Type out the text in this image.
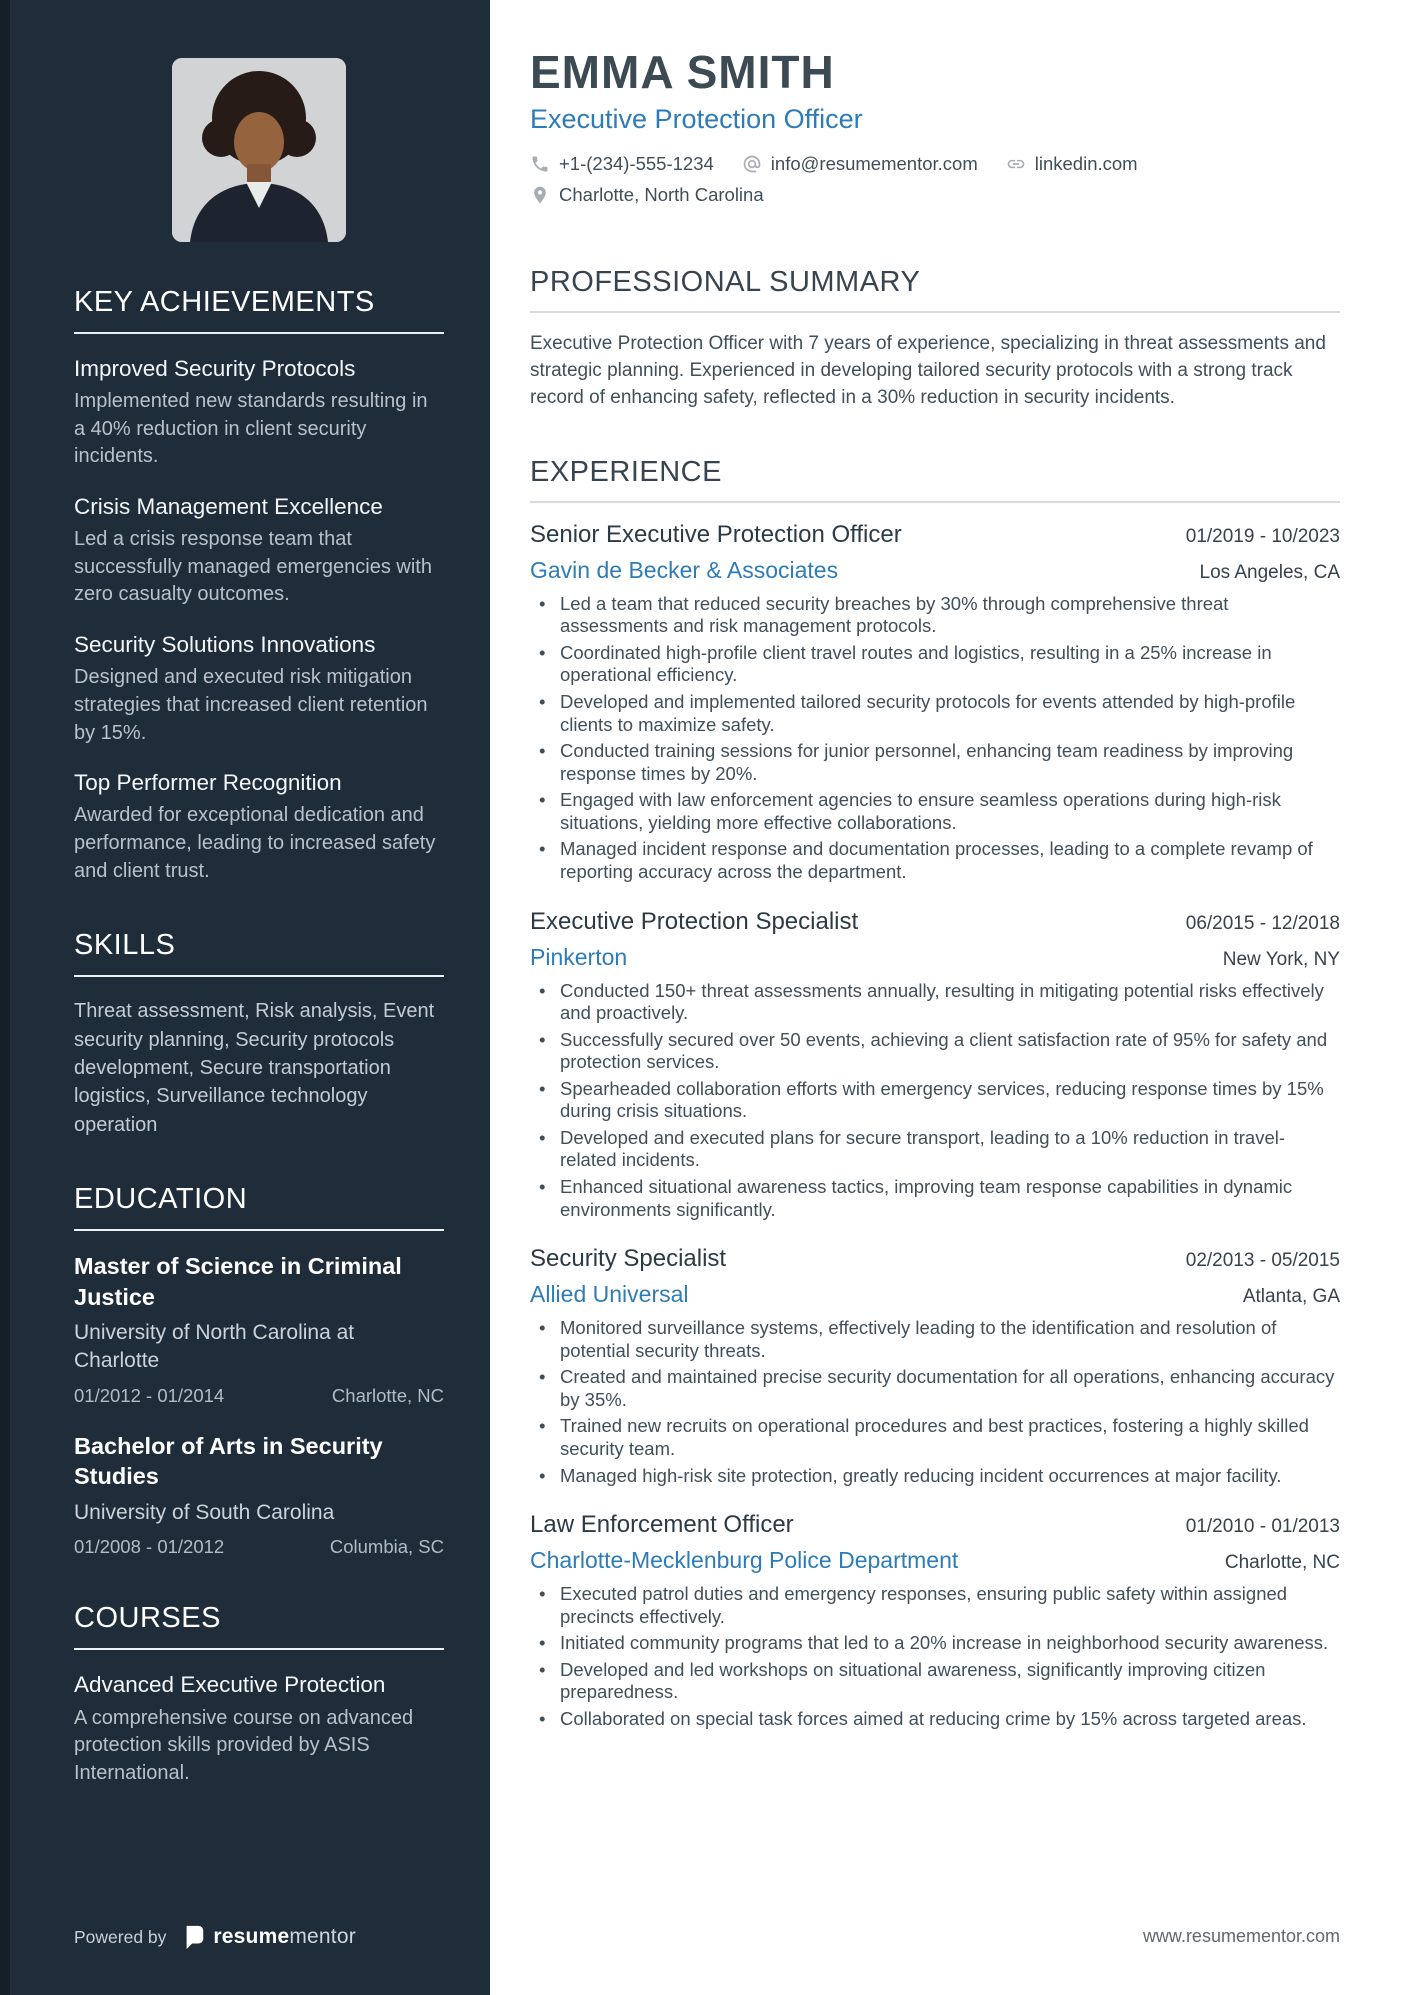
KEY ACHIEVEMENTS
Improved Security Protocols

Implemented new standards resulting in a 40% reduction in client security incidents.

Crisis Management Excellence

Led a crisis response team that successfully managed emergencies with zero casualty outcomes.

Security Solutions Innovations

Designed and executed risk mitigation strategies that increased client retention by 15%.

Top Performer Recognition

Awarded for exceptional dedication and performance, leading to increased safety and client trust.

SKILLS

Threat assessment, Risk analysis, Event security planning, Security protocols development, Secure transportation logistics, Surveillance technology operation

EDUCATION
Master of Science in Criminal Justice

University of North Carolina at Charlotte

01/2012 - 01/2014	Charlotte, NC
Bachelor of Arts in Security Studies

University of South Carolina

01/2008 - 01/2012	Columbia, SC
COURSES
Advanced Executive Protection

A comprehensive course on advanced protection skills provided by ASIS International.

Powered by resumementor
EMMA SMITH
Executive Protection Officer
+1-(234)-555-1234	info@resumementor.com	linkedin.com
Charlotte, North Carolina
PROFESSIONAL SUMMARY

Executive Protection Officer with 7 years of experience, specializing in threat assessments and strategic planning. Experienced in developing tailored security protocols with a strong track record of enhancing safety, reflected in a 30% reduction in security incidents.

EXPERIENCE
Senior Executive Protection Officer	01/2019 - 10/2023
Gavin de Becker & Associates	Los Angeles, CA
• Led a team that reduced security breaches by 30% through comprehensive threat assessments and risk management protocols.
• Coordinated high-profile client travel routes and logistics, resulting in a 25% increase in operational efficiency.
• Developed and implemented tailored security protocols for events attended by high-profile clients to maximize safety.
• Conducted training sessions for junior personnel, enhancing team readiness by improving response times by 20%.
• Engaged with law enforcement agencies to ensure seamless operations during high-risk situations, yielding more effective collaborations.
• Managed incident response and documentation processes, leading to a complete revamp of reporting accuracy across the department.
Executive Protection Specialist	06/2015 - 12/2018
Pinkerton	New York, NY
• Conducted 150+ threat assessments annually, resulting in mitigating potential risks effectively and proactively.
• Successfully secured over 50 events, achieving a client satisfaction rate of 95% for safety and protection services.
• Spearheaded collaboration efforts with emergency services, reducing response times by 15% during crisis situations.
• Developed and executed plans for secure transport, leading to a 10% reduction in travel-related incidents.
• Enhanced situational awareness tactics, improving team response capabilities in dynamic environments significantly.
Security Specialist	02/2013 - 05/2015
Allied Universal	Atlanta, GA
• Monitored surveillance systems, effectively leading to the identification and resolution of potential security threats.
• Created and maintained precise security documentation for all operations, enhancing accuracy by 35%.
• Trained new recruits on operational procedures and best practices, fostering a highly skilled security team.
• Managed high-risk site protection, greatly reducing incident occurrences at major facility.
Law Enforcement Officer	01/2010 - 01/2013
Charlotte-Mecklenburg Police Department	Charlotte, NC
• Executed patrol duties and emergency responses, ensuring public safety within assigned precincts effectively.
• Initiated community programs that led to a 20% increase in neighborhood security awareness.
• Developed and led workshops on situational awareness, significantly improving citizen preparedness.
• Collaborated on special task forces aimed at reducing crime by 15% across targeted areas.
www.resumementor.com
